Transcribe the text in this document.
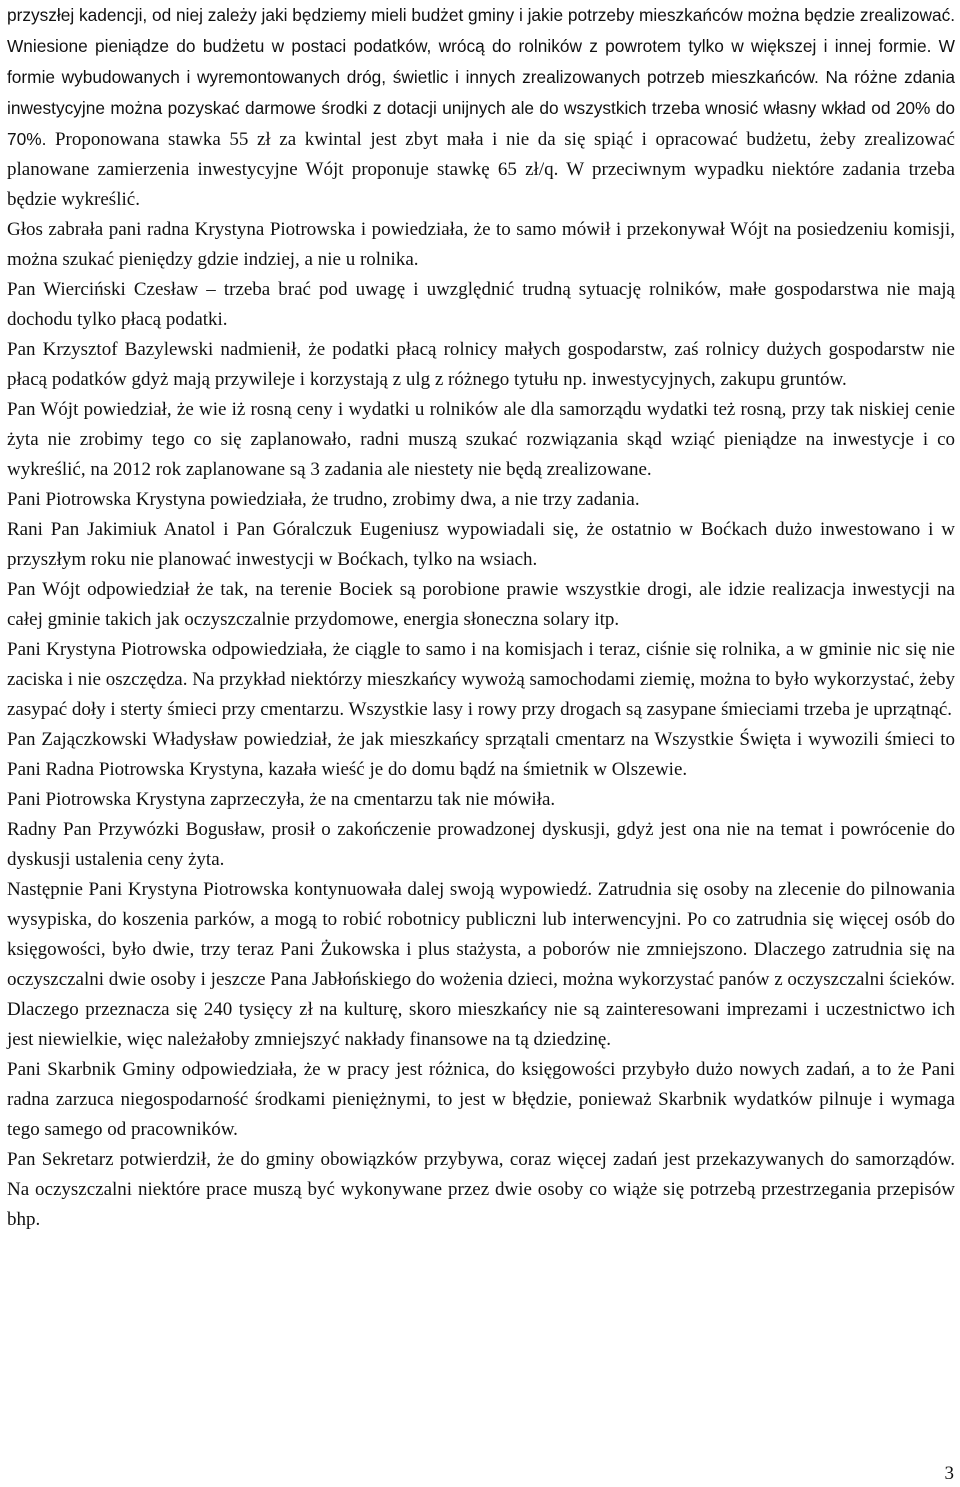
przyszłej kadencji, od niej zależy jaki będziemy mieli budżet gminy i jakie potrzeby mieszkańców można będzie zrealizować. Wniesione pieniądze do budżetu w postaci podatków, wrócą do rolników z powrotem tylko w większej i innej formie. W formie wybudowanych i wyremontowanych dróg, świetlic i innych zrealizowanych potrzeb mieszkańców. Na różne zdania inwestycyjne można pozyskać darmowe środki z dotacji unijnych ale do wszystkich trzeba wnosić własny wkład od 20% do 70%. Proponowana stawka 55 zł za kwintal jest zbyt mała i nie da się spiąć i opracować budżetu, żeby zrealizować planowane zamierzenia inwestycyjne Wójt proponuje stawkę 65 zł/q. W przeciwnym wypadku niektóre zadania trzeba będzie wykreślić.

Głos zabrała pani radna Krystyna Piotrowska i powiedziała, że to samo mówił i przekonywał Wójt na posiedzeniu komisji, można szukać pieniędzy gdzie indziej, a nie u rolnika.

Pan Wierciński Czesław – trzeba brać pod uwagę i uwzględnić trudną sytuację rolników, małe gospodarstwa nie mają dochodu tylko płacą podatki.

Pan Krzysztof Bazylewski nadmienił, że podatki płacą rolnicy małych gospodarstw, zaś rolnicy dużych gospodarstw nie płacą podatków gdyż mają przywileje i korzystają z ulg z różnego tytułu np. inwestycyjnych, zakupu gruntów.

Pan Wójt powiedział, że wie iż rosną ceny i wydatki u rolników ale dla samorządu wydatki też rosną, przy tak niskiej cenie żyta nie zrobimy tego co się zaplanowało, radni muszą szukać rozwiązania skąd wziąć pieniądze na inwestycje i co wykreślić, na 2012 rok zaplanowane są 3 zadania ale niestety nie będą zrealizowane.

Pani Piotrowska Krystyna powiedziała, że trudno, zrobimy dwa, a nie trzy zadania.

Rani Pan Jakimiuk Anatol i Pan Góralczuk Eugeniusz wypowiadali się, że ostatnio w Boćkach dużo inwestowano i w przyszłym roku nie planować inwestycji w Boćkach, tylko na wsiach.

Pan Wójt odpowiedział że tak, na terenie Bociek są porobione prawie wszystkie drogi, ale idzie realizacja inwestycji na całej gminie takich jak oczyszczalnie przydomowe, energia słoneczna solary itp.

Pani Krystyna Piotrowska odpowiedziała, że ciągle to samo i na komisjach i teraz, ciśnie się rolnika, a w gminie nic się nie zaciska i nie oszczędza. Na przykład niektórzy mieszkańcy wywożą samochodami ziemię, można to było wykorzystać, żeby zasypać doły i sterty śmieci przy cmentarzu. Wszystkie lasy i rowy przy drogach są zasypane śmieciami trzeba je uprzątnąć.

Pan Zajączkowski Władysław powiedział, że jak mieszkańcy sprzątali cmentarz na Wszystkie Święta i wywozili śmieci to Pani Radna Piotrowska Krystyna, kazała wieść je do domu bądź na śmietnik w Olszewie.

Pani Piotrowska Krystyna zaprzeczyła, że na cmentarzu tak nie mówiła.

Radny Pan Przywózki Bogusław, prosił o zakończenie prowadzonej dyskusji, gdyż jest ona nie na temat i powrócenie do dyskusji ustalenia ceny żyta.

Następnie Pani Krystyna Piotrowska kontynuowała dalej swoją wypowiedź. Zatrudnia się osoby na zlecenie do pilnowania wysypiska, do koszenia parków, a mogą to robić robotnicy publiczni lub interwencyjni. Po co zatrudnia się więcej osób do księgowości, było dwie, trzy teraz Pani Żukowska i plus stażysta, a poborów nie zmniejszono. Dlaczego zatrudnia się na oczyszczalni dwie osoby i jeszcze Pana Jabłońskiego do wożenia dzieci, można wykorzystać panów z oczyszczalni ścieków. Dlaczego przeznacza się 240 tysięcy zł na kulturę, skoro mieszkańcy nie są zainteresowani imprezami i uczestnictwo ich jest niewielkie, więc należałoby zmniejszyć nakłady finansowe na tą dziedzinę.

Pani Skarbnik Gminy odpowiedziała, że w pracy jest różnica, do księgowości przybyło dużo nowych zadań, a to że Pani radna zarzuca niegospodarność środkami pieniężnymi, to jest w błędzie, ponieważ Skarbnik wydatków pilnuje i wymaga tego samego od pracowników.

Pan Sekretarz potwierdził, że do gminy obowiązków przybywa, coraz więcej zadań jest przekazywanych do samorządów. Na oczyszczalni niektóre prace muszą być wykonywane przez dwie osoby co wiąże się potrzebą przestrzegania przepisów bhp.

3
